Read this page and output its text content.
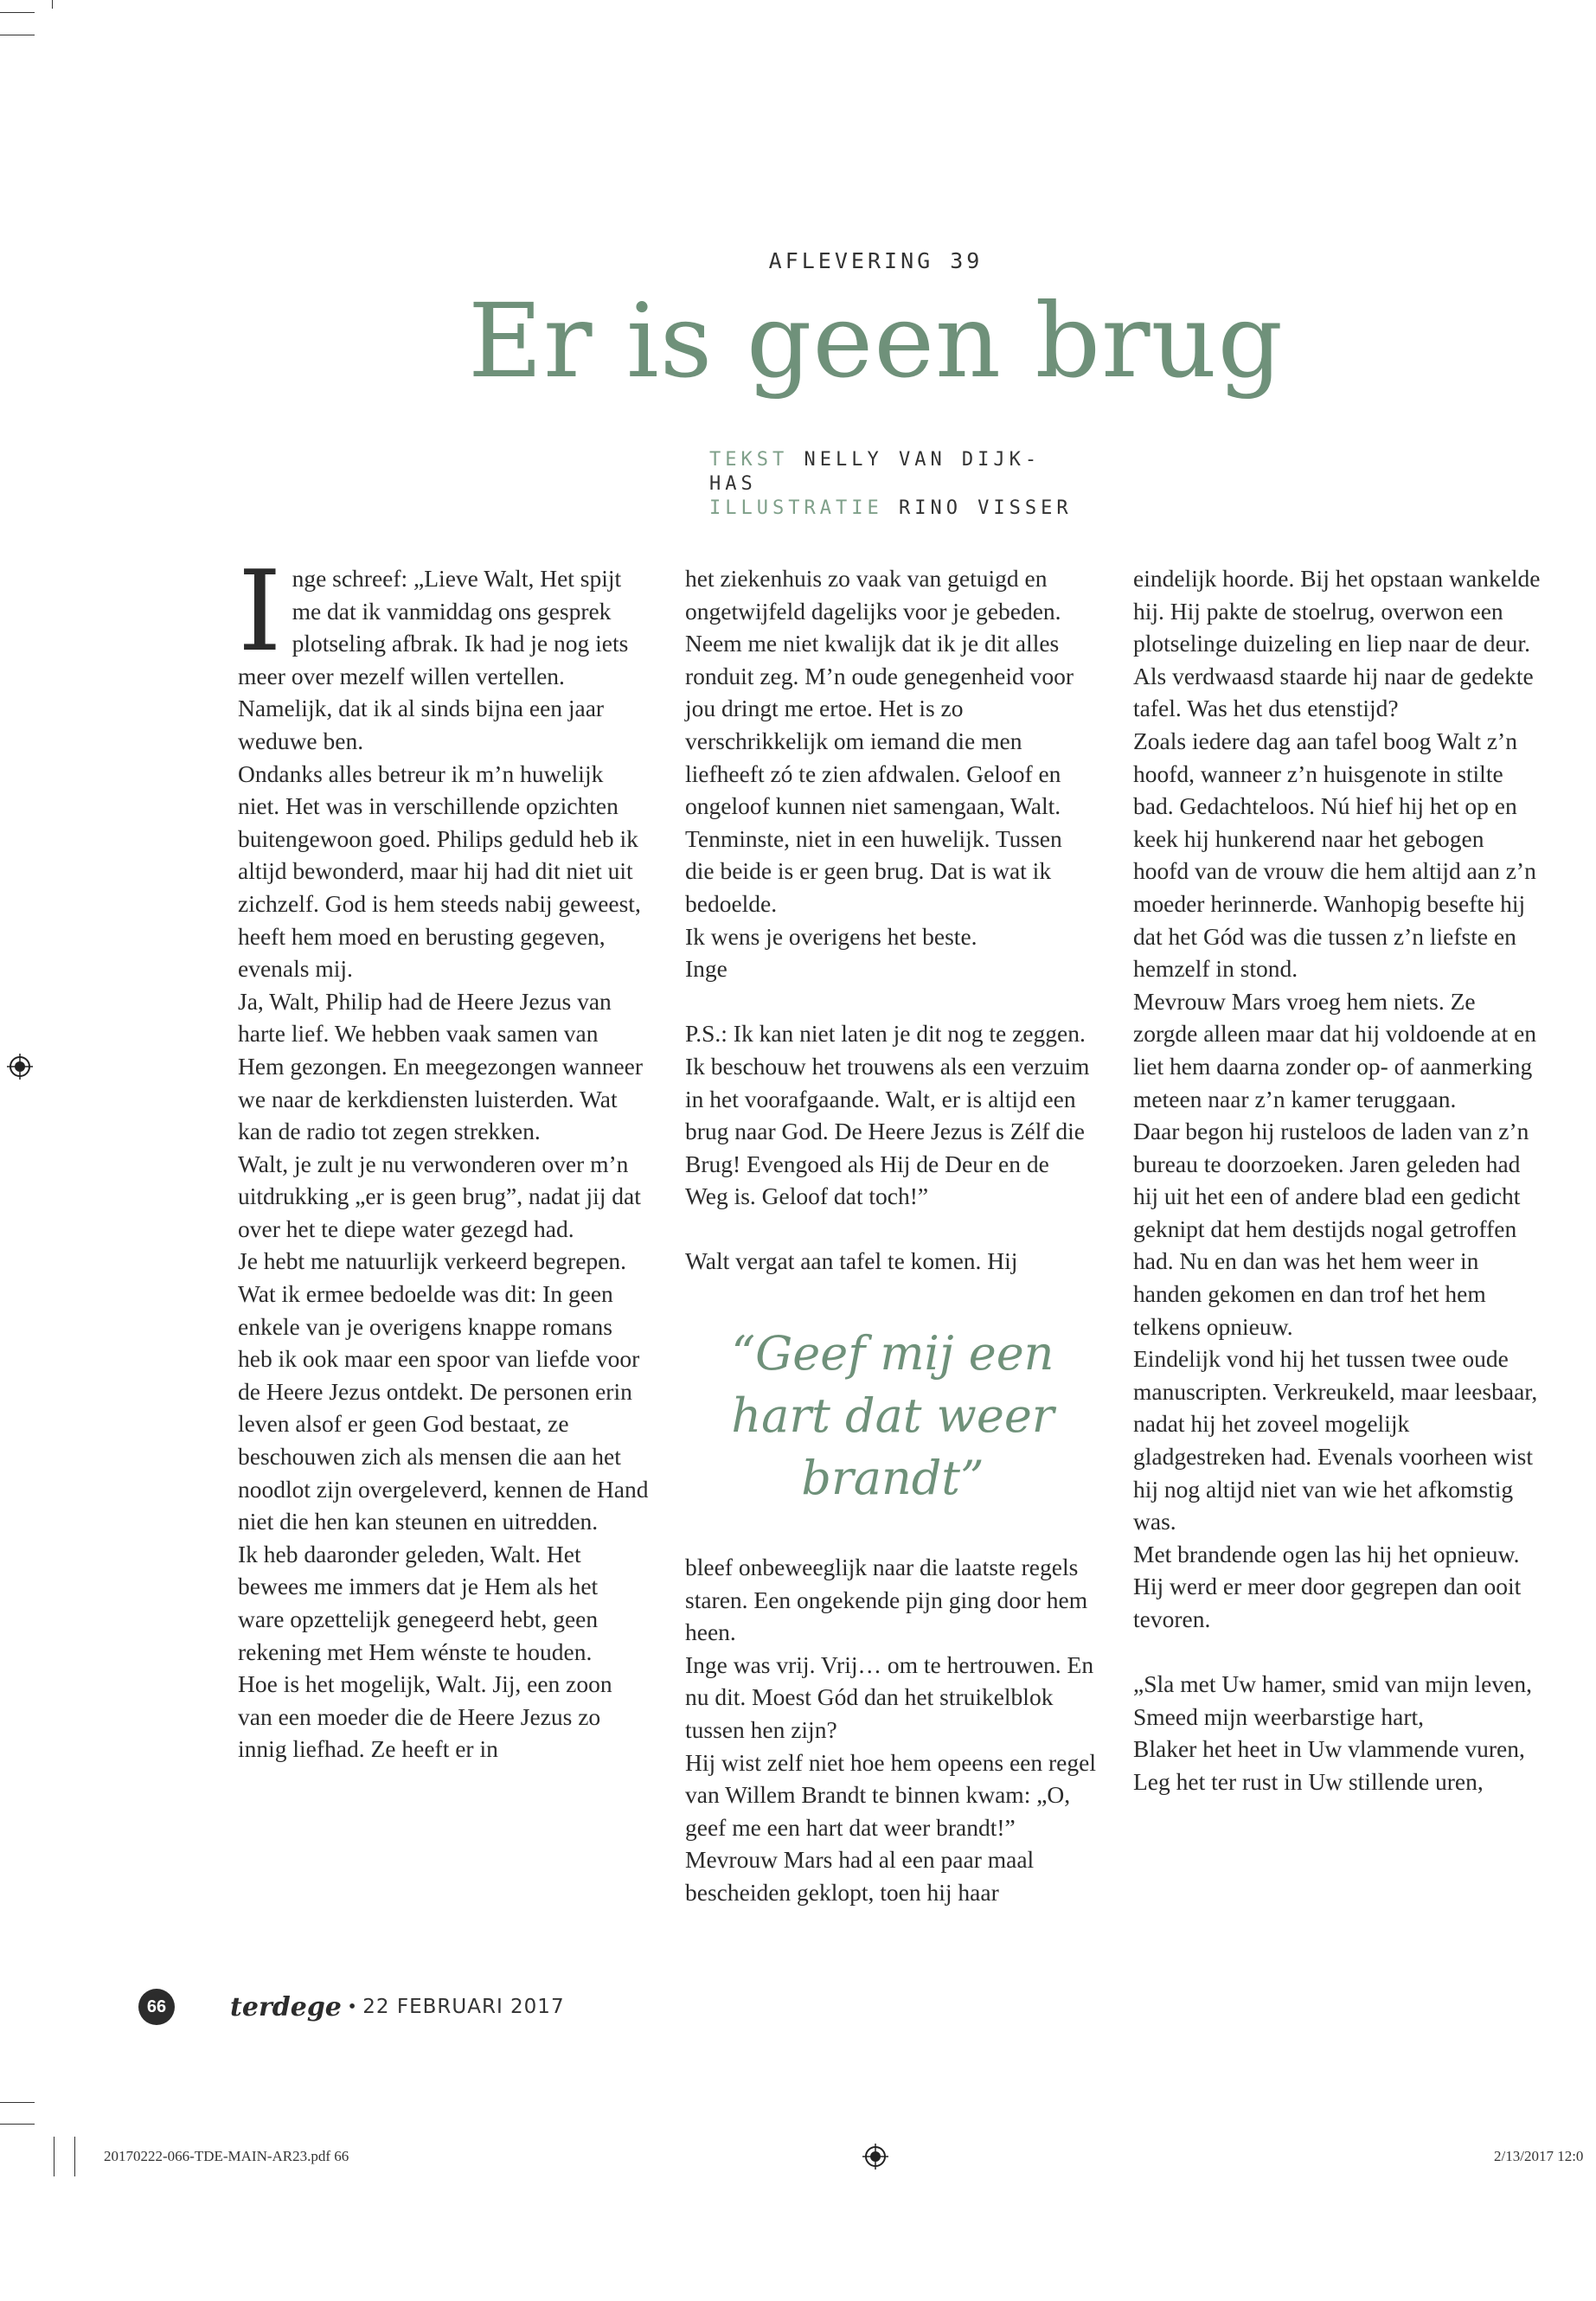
AFLEVERING 39
Er is geen brug
TEKST NELLY VAN DIJK-HAS
ILLUSTRATIE RINO VISSER
I nge schreef: „Lieve Walt, Het spijt me dat ik vanmiddag ons gesprek plotseling afbrak. Ik had je nog iets meer over mezelf willen vertellen. Namelijk, dat ik al sinds bijna een jaar weduwe ben.

Ondanks alles betreur ik m’n huwelijk niet. Het was in verschillende opzichten buitengewoon goed. Philips geduld heb ik altijd bewonderd, maar hij had dit niet uit zichzelf. God is hem steeds nabij geweest, heeft hem moed en berusting gegeven, evenals mij.

Ja, Walt, Philip had de Heere Jezus van harte lief. We hebben vaak samen van Hem gezongen. En meegezongen wanneer we naar de kerkdiensten luisterden. Wat kan de radio tot zegen strekken.

Walt, je zult je nu verwonderen over m’n uitdrukking „er is geen brug”, nadat jij dat over het te diepe water gezegd had.

Je hebt me natuurlijk verkeerd begrepen. Wat ik ermee bedoelde was dit: In geen enkele van je overigens knappe romans heb ik ook maar een spoor van liefde voor de Heere Jezus ontdekt. De personen erin leven alsof er geen God bestaat, ze beschouwen zich als mensen die aan het noodlot zijn overgeleverd, kennen de Hand niet die hen kan steunen en uitredden.

Ik heb daaronder geleden, Walt. Het bewees me immers dat je Hem als het ware opzettelijk genegeerd hebt, geen rekening met Hem wénste te houden.

Hoe is het mogelijk, Walt. Jij, een zoon van een moeder die de Heere Jezus zo innig liefhad. Ze heeft er in

het ziekenhuis zo vaak van getuigd en ongetwijfeld dagelijks voor je gebeden.

Neem me niet kwalijk dat ik je dit alles ronduit zeg. M’n oude genegenheid voor jou dringt me ertoe. Het is zo verschrikkelijk om iemand die men liefheeft zó te zien afdwalen. Geloof en ongeloof kunnen niet samengaan, Walt. Tenminste, niet in een huwelijk. Tussen die beide is er geen brug. Dat is wat ik bedoelde.

Ik wens je overigens het beste.

Inge

P.S.: Ik kan niet laten je dit nog te zeggen. Ik beschouw het trouwens als een verzuim in het voorafgaande. Walt, er is altijd een brug naar God. De Heere Jezus is Zélf die Brug! Evengoed als Hij de Deur en de Weg is. Geloof dat toch!”

Walt vergat aan tafel te komen. Hij

“Geef mij een hart dat weer brandt”

bleef onbeweeglijk naar die laatste regels staren. Een ongekende pijn ging door hem heen.

Inge was vrij. Vrij… om te hertrouwen. En nu dit. Moest Gód dan het struikelblok tussen hen zijn?

Hij wist zelf niet hoe hem opeens een regel van Willem Brandt te binnen kwam: „O, geef me een hart dat weer brandt!”

Mevrouw Mars had al een paar maal bescheiden geklopt, toen hij haar

eindelijk hoorde. Bij het opstaan wankelde hij. Hij pakte de stoelrug, overwon een plotselinge duizeling en liep naar de deur. Als verdwaasd staarde hij naar de gedekte tafel. Was het dus etenstijd?

Zoals iedere dag aan tafel boog Walt z’n hoofd, wanneer z’n huisgenote in stilte bad. Gedachteloos. Nú hief hij het op en keek hij hunkerend naar het gebogen hoofd van de vrouw die hem altijd aan z’n moeder herinnerde. Wanhopig besefte hij dat het Gód was die tussen z’n liefste en hemzelf in stond.

Mevrouw Mars vroeg hem niets. Ze zorgde alleen maar dat hij voldoende at en liet hem daarna zonder op- of aanmerking meteen naar z’n kamer teruggaan.

Daar begon hij rusteloos de laden van z’n bureau te doorzoeken. Jaren geleden had hij uit het een of andere blad een gedicht geknipt dat hem destijds nogal getroffen had. Nu en dan was het hem weer in handen gekomen en dan trof het hem telkens opnieuw.

Eindelijk vond hij het tussen twee oude manuscripten. Verkreukeld, maar leesbaar, nadat hij het zoveel mogelijk gladgestreken had. Evenals voorheen wist hij nog altijd niet van wie het afkomstig was.

Met brandende ogen las hij het opnieuw. Hij werd er meer door gegrepen dan ooit tevoren.

„Sla met Uw hamer, smid van mijn leven,

Smeed mijn weerbarstige hart,

Blaker het heet in Uw vlammende vuren,

Leg het ter rust in Uw stillende uren,

66	terdege • 22 FEBRUARI 2017
20170222-066-TDE-MAIN-AR23.pdf 66	2/13/2017 12:0
